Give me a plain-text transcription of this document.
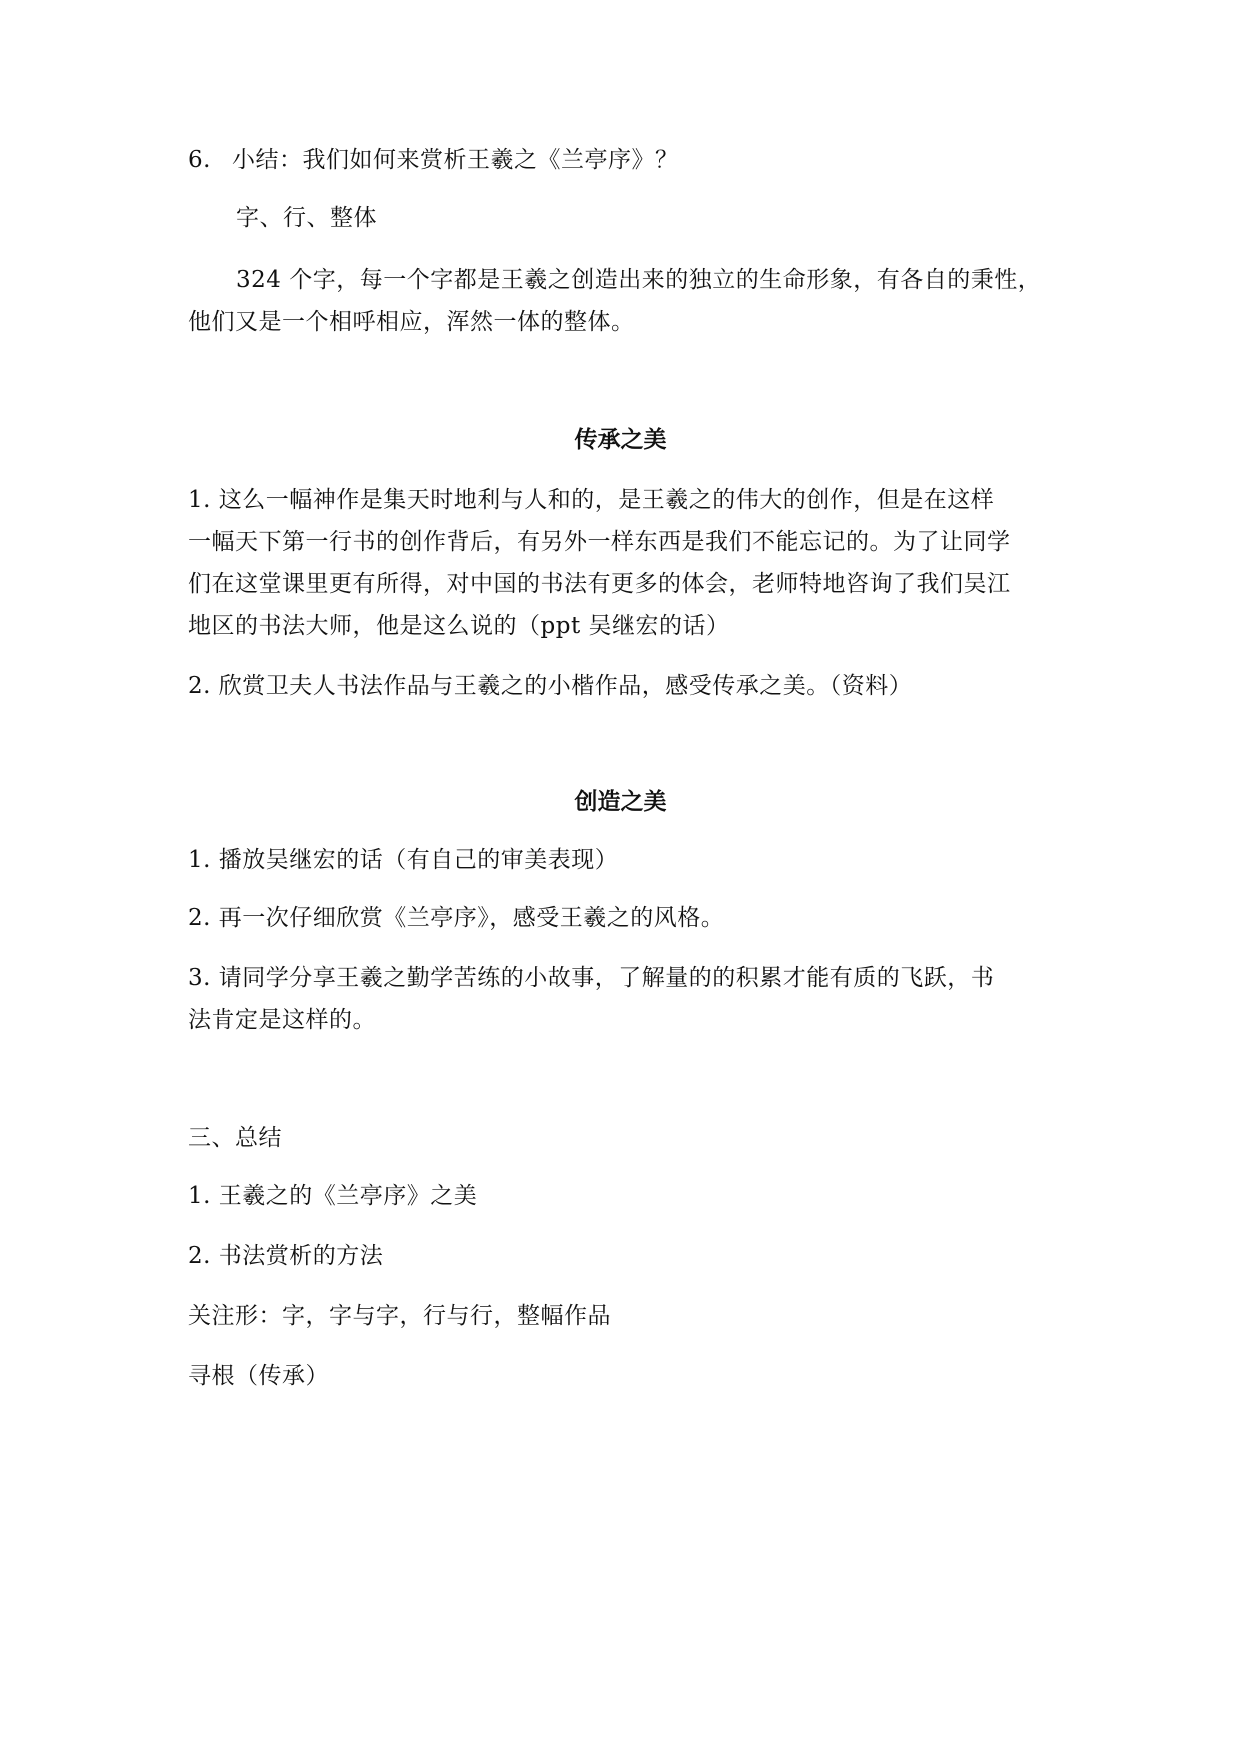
6. 小结：我们如何来赏析王羲之《兰亭序》？
字、行、整体
324 个字，每一个字都是王羲之创造出来的独立的生命形象，有各自的秉性，
他们又是一个相呼相应，浑然一体的整体。
传承之美
1. 这么一幅神作是集天时地利与人和的，是王羲之的伟大的创作，但是在这样
一幅天下第一行书的创作背后，有另外一样东西是我们不能忘记的。为了让同学
们在这堂课里更有所得，对中国的书法有更多的体会，老师特地咨询了我们吴江
地区的书法大师，他是这么说的（ppt 吴继宏的话）
2. 欣赏卫夫人书法作品与王羲之的小楷作品，感受传承之美。（资料）
创造之美
1. 播放吴继宏的话（有自己的审美表现）
2. 再一次仔细欣赏《兰亭序》，感受王羲之的风格。
3. 请同学分享王羲之勤学苦练的小故事，了解量的的积累才能有质的飞跃，书
法肯定是这样的。
三、总结
1. 王羲之的《兰亭序》之美
2. 书法赏析的方法
关注形：字，字与字，行与行，整幅作品
寻根（传承）
